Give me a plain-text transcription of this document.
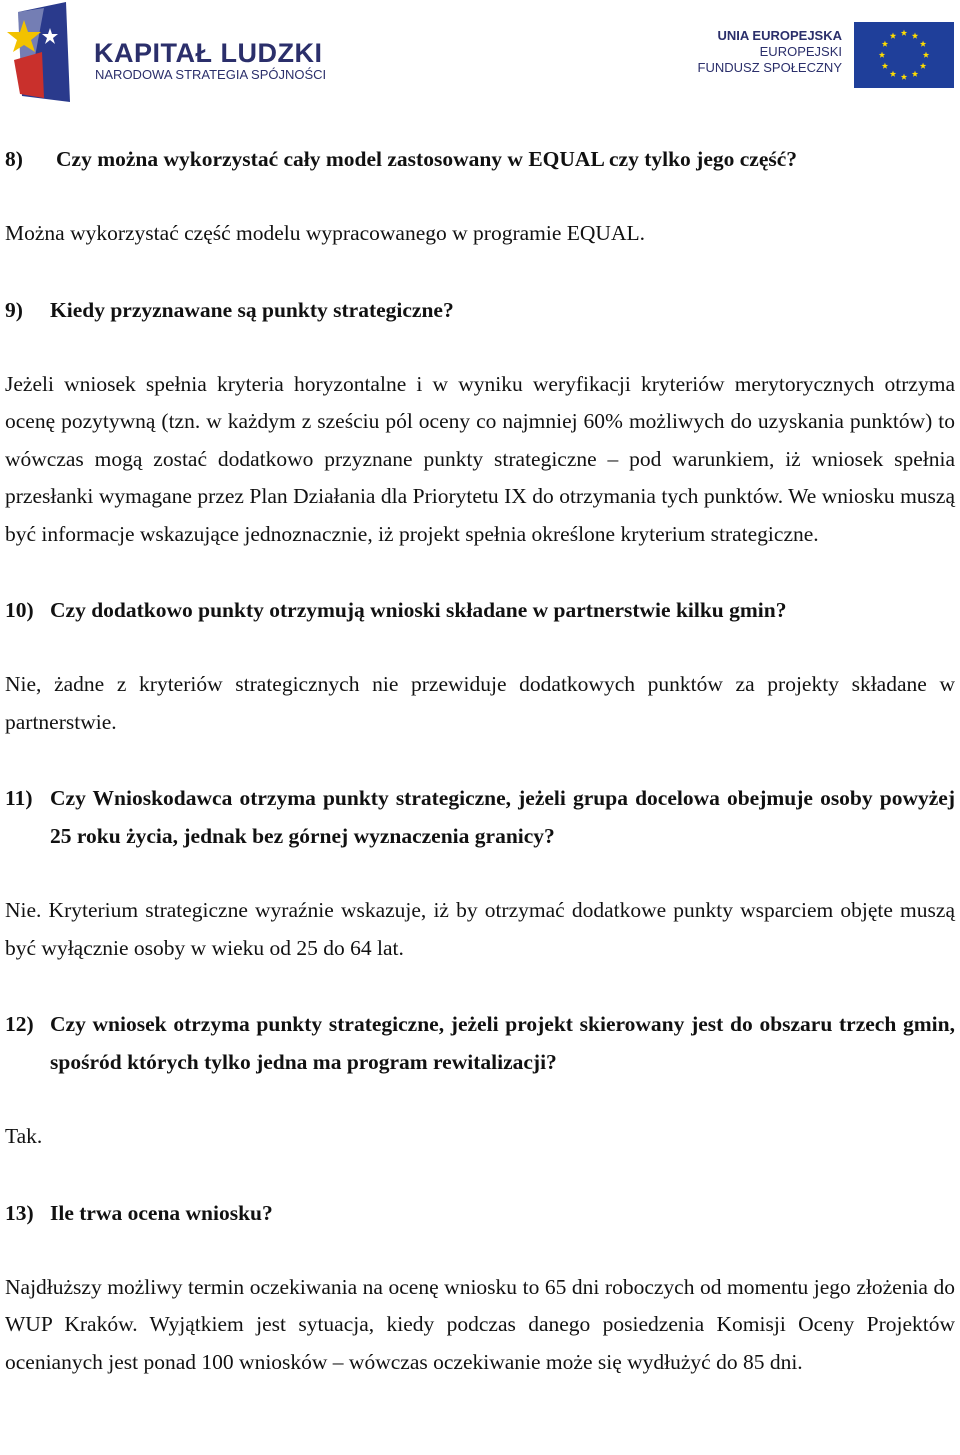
KAPITAŁ LUDZKI
NARODOWA STRATEGIA SPÓJNOŚCI
UNIA EUROPEJSKA
EUROPEJSKI
FUNDUSZ SPOŁECZNY
8)	Czy można wykorzystać cały model zastosowany w EQUAL czy tylko jego część?

Można wykorzystać część modelu wypracowanego w programie EQUAL.

9)	Kiedy przyznawane są punkty strategiczne?

Jeżeli wniosek spełnia kryteria horyzontalne i w wyniku weryfikacji kryteriów merytorycznych otrzyma ocenę pozytywną (tzn. w każdym z sześciu pól oceny co najmniej 60% możliwych do uzyskania punktów) to wówczas mogą zostać dodatkowo przyznane punkty strategiczne – pod warunkiem, iż wniosek spełnia przesłanki wymagane przez Plan Działania dla Priorytetu IX do otrzymania tych punktów. We wniosku muszą być informacje wskazujące jednoznacznie, iż projekt spełnia określone kryterium strategiczne.

10) Czy dodatkowo punkty otrzymują wnioski składane w partnerstwie kilku gmin?

Nie, żadne z kryteriów strategicznych nie przewiduje dodatkowych punktów za projekty składane w partnerstwie.

11) Czy Wnioskodawca otrzyma punkty strategiczne, jeżeli grupa docelowa obejmuje osoby powyżej 25 roku życia, jednak bez górnej wyznaczenia granicy?

Nie. Kryterium strategiczne wyraźnie wskazuje, iż by otrzymać dodatkowe punkty wsparciem objęte muszą być wyłącznie osoby w wieku od 25 do 64 lat.

12) Czy wniosek otrzyma punkty strategiczne, jeżeli projekt skierowany jest do obszaru trzech gmin, spośród których tylko jedna ma program rewitalizacji?

Tak.

13) Ile trwa ocena wniosku?

Najdłuższy możliwy termin oczekiwania na ocenę wniosku to 65 dni roboczych od momentu jego złożenia do WUP Kraków. Wyjątkiem jest sytuacja, kiedy podczas danego posiedzenia Komisji Oceny Projektów ocenianych jest ponad 100 wniosków – wówczas oczekiwanie może się wydłużyć do 85 dni.
